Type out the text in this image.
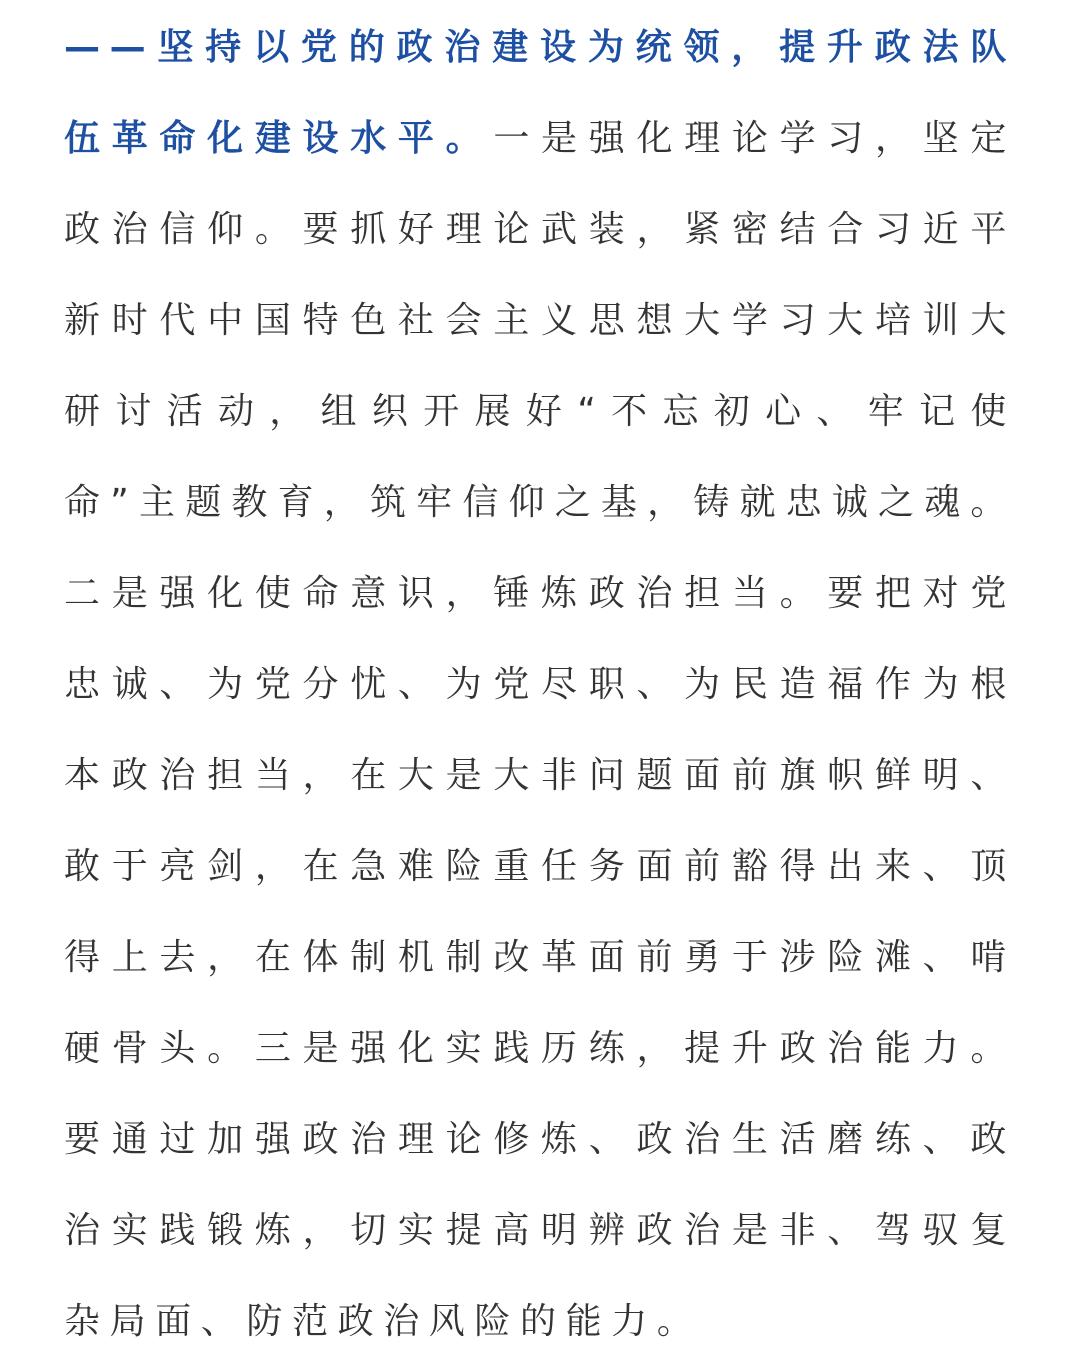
——坚持以党的政治建设为统领，提升政法队伍革命化建设水平。一是强化理论学习，坚定政治信仰。要抓好理论武装，紧密结合习近平新时代中国特色社会主义思想大学习大培训大研讨活动，组织开展好“不忘初心、牢记使命”主题教育，筑牢信仰之基，铸就忠诚之魂。二是强化使命意识，锤炼政治担当。要把对党忠诚、为党分忧、为党尽职、为民造福作为根本政治担当，在大是大非问题面前旗帜鲜明、敢于亮剑，在急难险重任务面前豁得出来、顶得上去，在体制机制改革面前勇于涉险滩、啃硬骨头。三是强化实践历练，提升政治能力。要通过加强政治理论修炼、政治生活磨练、政治实践锻炼，切实提高明辨政治是非、驾驭复杂局面、防范政治风险的能力。
